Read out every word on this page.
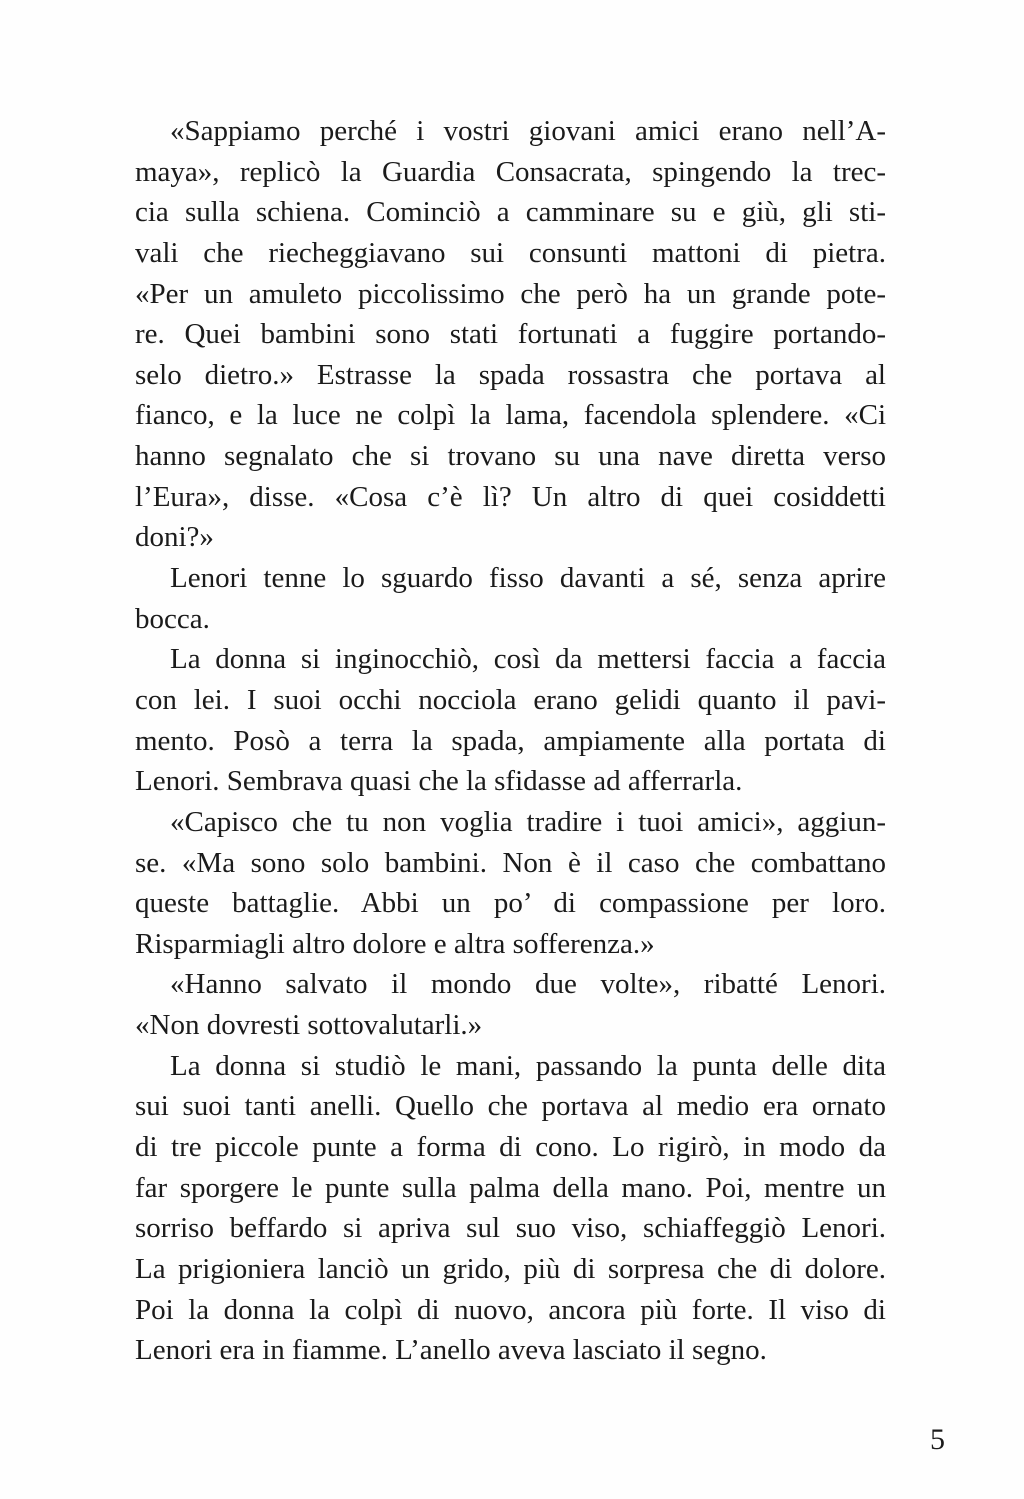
«Sappiamo perché i vostri giovani amici erano nell’A-
maya», replicò la Guardia Consacrata, spingendo la trec-
cia sulla schiena. Cominciò a camminare su e giù, gli sti-
vali che riecheggiavano sui consunti mattoni di pietra.
«Per un amuleto piccolissimo che però ha un grande pote-
re. Quei bambini sono stati fortunati a fuggire portando-
selo dietro.» Estrasse la spada rossastra che portava al
fianco, e la luce ne colpì la lama, facendola splendere. «Ci
hanno segnalato che si trovano su una nave diretta verso
l’Eura», disse. «Cosa c’è lì? Un altro di quei cosiddetti
doni?»
Lenori tenne lo sguardo fisso davanti a sé, senza aprire
bocca.
La donna si inginocchiò, così da mettersi faccia a faccia
con lei. I suoi occhi nocciola erano gelidi quanto il pavi-
mento. Posò a terra la spada, ampiamente alla portata di
Lenori. Sembrava quasi che la sfidasse ad afferrarla.
«Capisco che tu non voglia tradire i tuoi amici», aggiun-
se. «Ma sono solo bambini. Non è il caso che combattano
queste battaglie. Abbi un po’ di compassione per loro.
Risparmiagli altro dolore e altra sofferenza.»
«Hanno salvato il mondo due volte», ribatté Lenori.
«Non dovresti sottovalutarli.»
La donna si studiò le mani, passando la punta delle dita
sui suoi tanti anelli. Quello che portava al medio era ornato
di tre piccole punte a forma di cono. Lo rigirò, in modo da
far sporgere le punte sulla palma della mano. Poi, mentre un
sorriso beffardo si apriva sul suo viso, schiaffeggiò Lenori.
La prigioniera lanciò un grido, più di sorpresa che di dolore.
Poi la donna la colpì di nuovo, ancora più forte. Il viso di
Lenori era in fiamme. L’anello aveva lasciato il segno.
5
